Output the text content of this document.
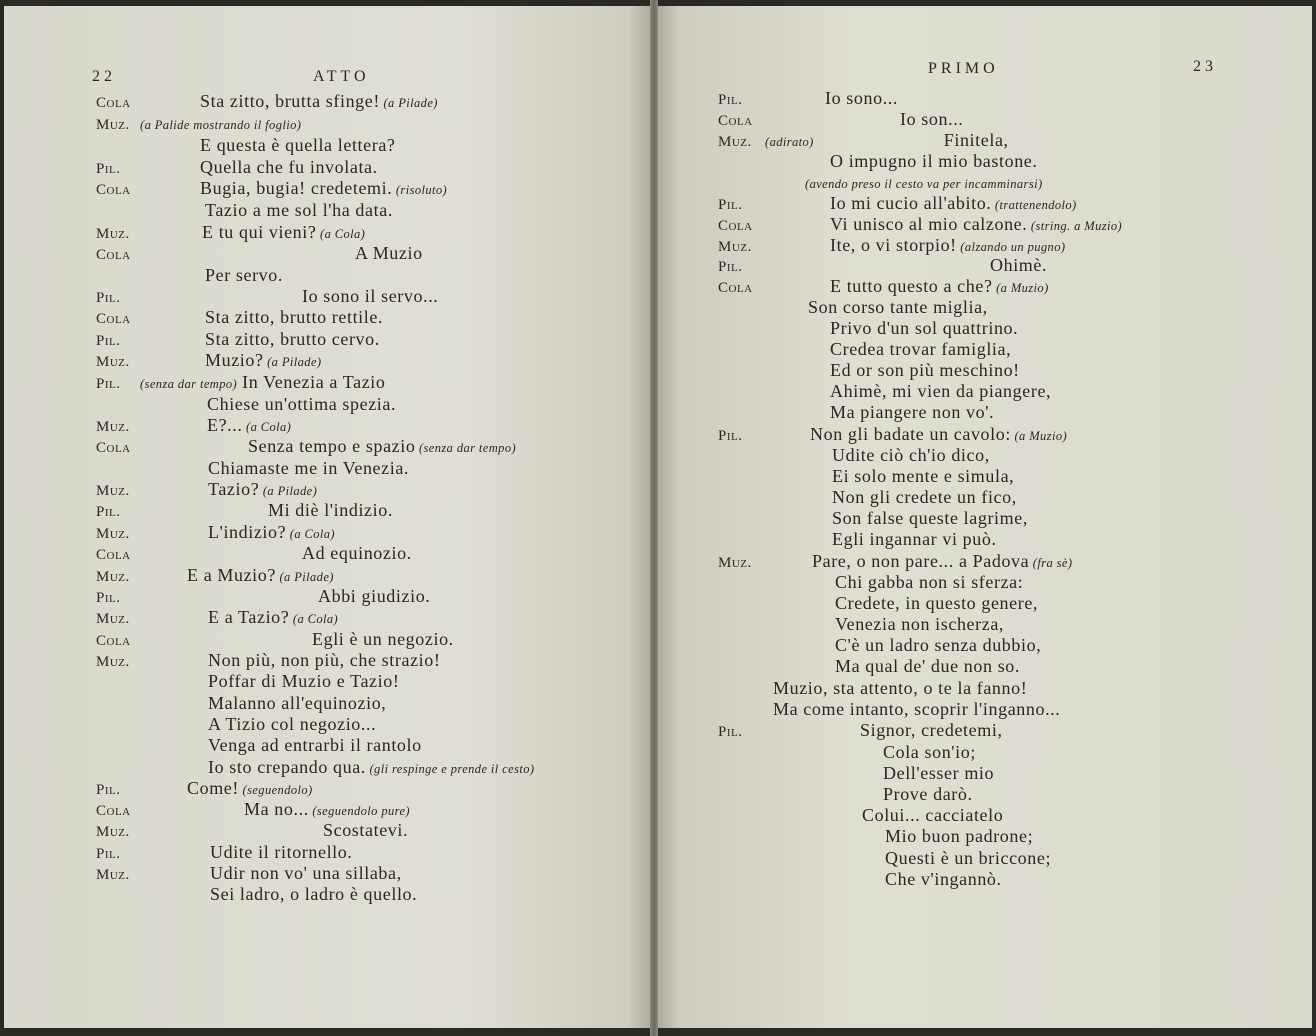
22	ATTO	PRIMO	23
Cola	Sta zitto, brutta sfinge! (a Pilade)
Muz. (a Palide mostrando il foglio)
E questa è quella lettera?
Pil.	Quella che fu involata.
Cola	Bugia, bugia! credetemi. (risoluto)
Tazio a me sol l'ha data.
Muz.	E tu qui vieni? (a Cola)
Cola	A Muzio
Per servo.
Pil.	Io sono il servo...
Cola	Sta zitto, brutto rettile.
Pil.	Sta zitto, brutto cervo.
Muz.	Muzio? (a Pilade)
Pil. (senza dar tempo) In Venezia a Tazio
Chiese un'ottima spezia.
Muz.	E?... (a Cola)
Cola	Senza tempo e spazio (senza dar tempo)
Chiamaste me in Venezia.
Muz.	Tazio? (a Pilade)
Pil.	Mi diè l'indizio.
Muz.	L'indizio? (a Cola)
Cola	Ad equinozio.
Muz.	E a Muzio? (a Pilade)
Pil.	Abbi giudizio.
Muz.	E a Tazio? (a Cola)
Cola	Egli è un negozio.
Muz.	Non più, non più, che strazio!
Poffar di Muzio e Tazio!
Malanno all'equinozio,
A Tizio col negozio...
Venga ad entrarbi il rantolo
Io sto crepando qua. (gli respinge e prende il cesto)
Pil.	Come! (seguendolo)
Cola	Ma no... (seguendolo pure)
Muz.	Scostatevi.
Pil.	Udite il ritornello.
Muz.	Udir non vo' una sillaba,
Sei ladro, o ladro è quello.
Pil.	Io sono...
Cola	Io son...
Muz. (adirato)	Finitela,
O impugno il mio bastone.
(avendo preso il cesto va per incamminarsi)
Pil.	Io mi cucio all'abito. (trattenendolo)
Cola	Vi unisco al mio calzone. (string. a Muzio)
Muz.	Ite, o vi storpio! (alzando un pugno)
Pil.	Ohimè.
Cola	E tutto questo a che? (a Muzio)
Son corso tante miglia,
Privo d'un sol quattrino.
Credea trovar famiglia,
Ed or son più meschino!
Ahimè, mi vien da piangere,
Ma piangere non vo'.
Pil.	Non gli badate un cavolo: (a Muzio)
Udite ciò ch'io dico,
Ei solo mente e simula,
Non gli credete un fico,
Son false queste lagrime,
Egli ingannar vi può.
Muz.	Pare, o non pare... a Padova (fra sè)
Chi gabba non si sferza:
Credete, in questo genere,
Venezia non ischerza,
C'è un ladro senza dubbio,
Ma qual de' due non so.
Muzio, sta attento, o te la fanno!
Ma come intanto, scoprir l'inganno...
Pil.	Signor, credetemi,
Cola son'io;
Dell'esser mio
Prove darò.
Colui... cacciatelo
Mio buon padrone;
Questi è un briccone;
Che v'ingannò.
